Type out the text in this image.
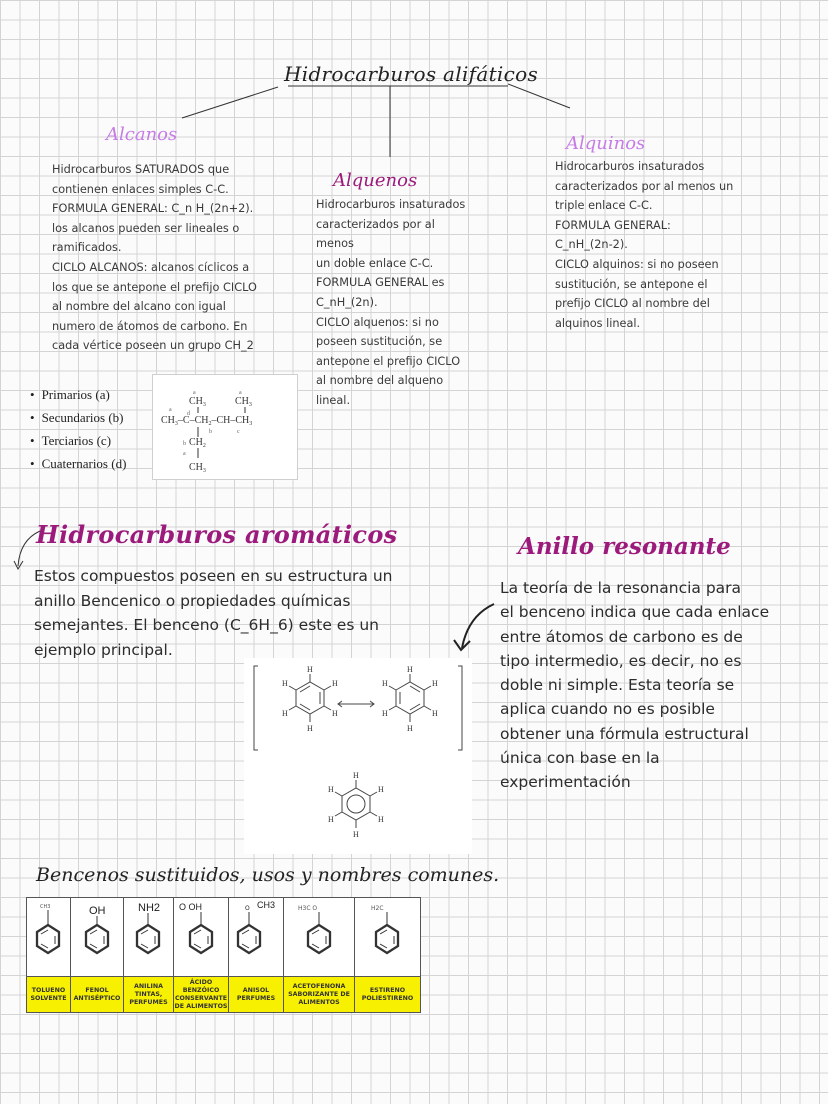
Hidrocarburos alifáticos
Alcanos
Hidrocarburos SATURADOS que
contienen enlaces simples C-C.
FORMULA GENERAL: C_n H_(2n+2).
los alcanos pueden ser lineales o
ramificados.
CICLO ALCANOS: alcanos cíclicos a
los que se antepone el prefijo CICLO
al nombre del alcano con igual
numero de átomos de carbono. En
cada vértice poseen un grupo CH_2
• Primarios (a)
• Secundarios (b)
• Terciarios (c)
• Cuaternarios (d)
a
$CH_3$
a
$CH_3$
a
d
$CH_3-C-CH_2-CH-CH_3$
b	c
b $CH_2$
a
$CH_3$
Alquenos
Hidrocarburos insaturados
caracterizados por al
menos
un doble enlace C-C.
FORMULA GENERAL es
C_nH_(2n).
CICLO alquenos: si no
poseen sustitución, se
antepone el prefijo CICLO
al nombre del alqueno
lineal.
Alquinos
Hidrocarburos insaturados
caracterizados por al menos un
triple enlace C-C.
FORMULA GENERAL:
C_nH_(2n-2).
CICLO alquinos: si no poseen
sustitución, se antepone el
prefijo CICLO al nombre del
alquinos lineal.
Hidrocarburos aromáticos
Estos compuestos poseen en su estructura un
anillo Bencenico o propiedades químicas
semejantes. El benceno (C_6H_6) este es un
ejemplo principal.
Anillo resonante
La teoría de la resonancia para
el benceno indica que cada enlace
entre átomos de carbono es de
tipo intermedio, es decir, no es
doble ni simple. Esta teoría se
aplica cuando no es posible
obtener una fórmula estructural
única con base en la
experimentación
H
H
H
H
H
H
H
H
H
H
H
H
H
H
H
H
H
H
Bencenos sustituidos, usos y nombres comunes.
CH3	OH	NH2	O OH	O CH3	H3C O	H2C

TOLUENO
SOLVENTE	FENOL
ANTISÉPTICO	ANILINA
TINTAS,
PERFUMES	ÁCIDO
BENZÓICO
CONSERVANTE
DE ALIMENTOS	ANISOL
PERFUMES	ACETOFENONA
SABORIZANTE DE
ALIMENTOS	ESTIRENO
POLIESTIRENO
